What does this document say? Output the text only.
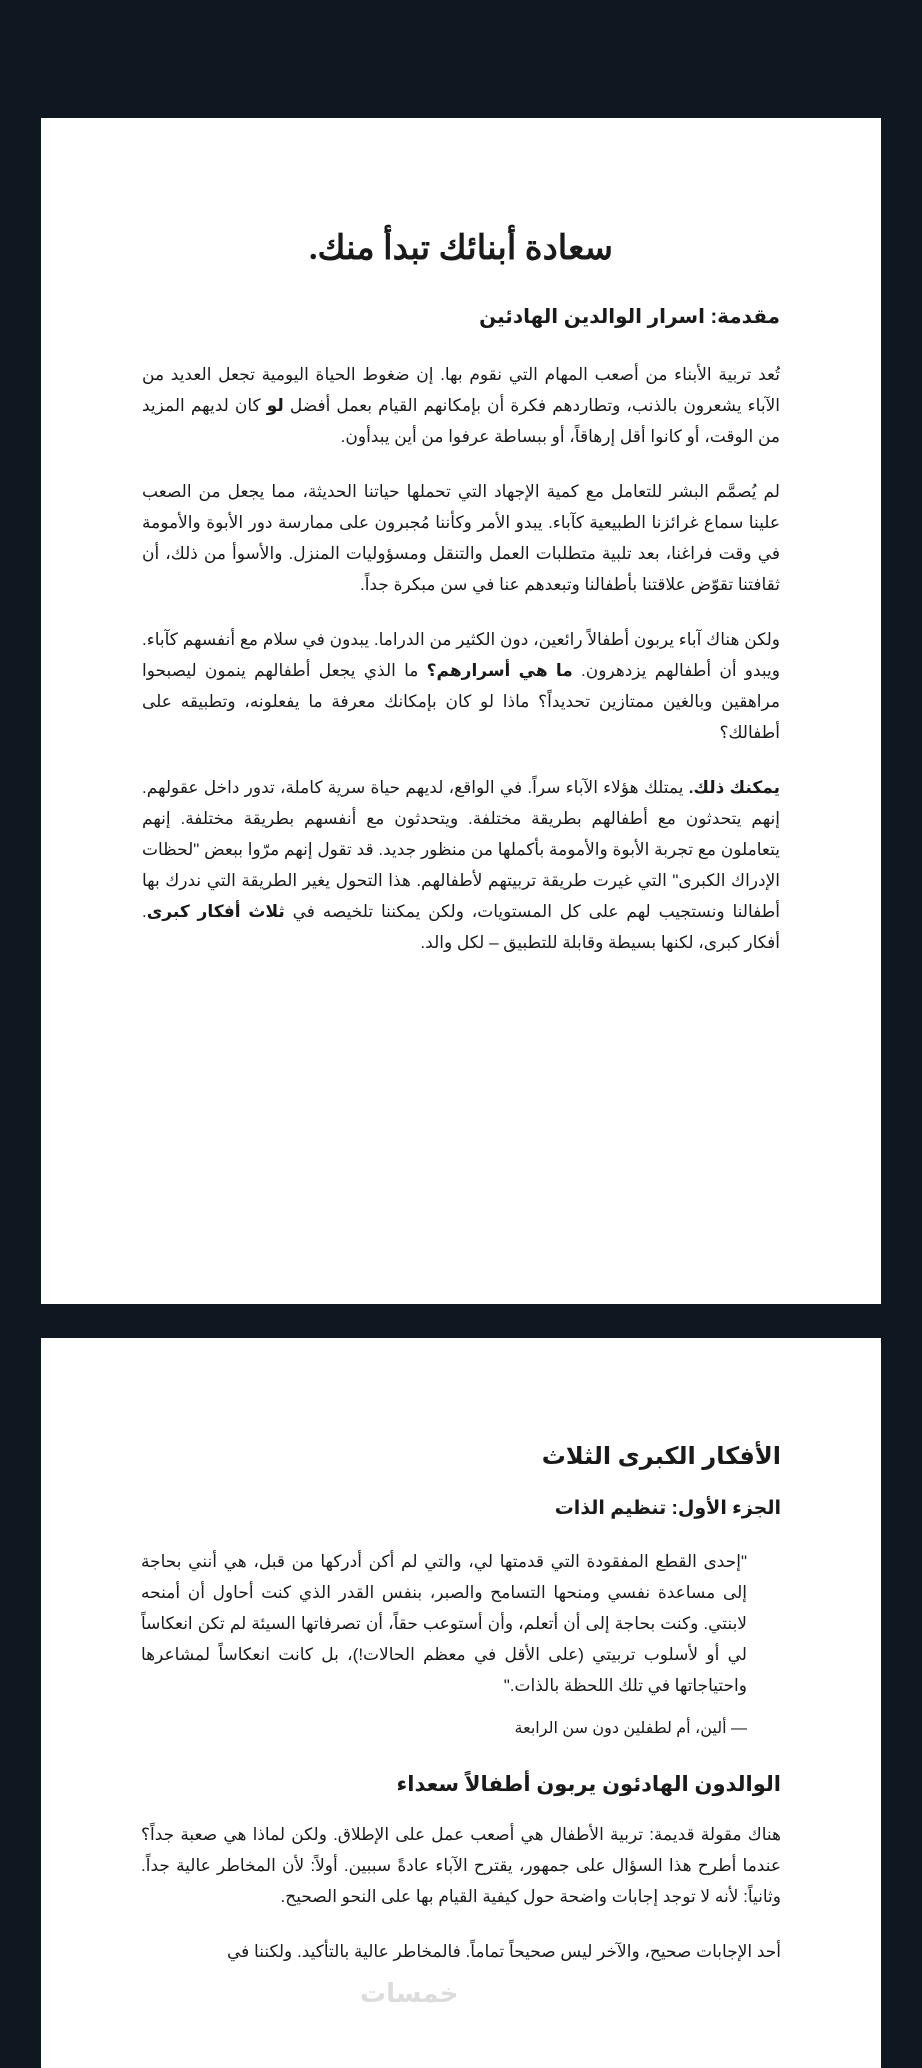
سعادة أبنائك تبدأ منك.
مقدمة: اسرار الوالدين الهادئين

تُعد تربية الأبناء من أصعب المهام التي نقوم بها. إن ضغوط الحياة اليومية تجعل العديد من الآباء يشعرون بالذنب، وتطاردهم فكرة أن بإمكانهم القيام بعمل أفضل لو كان لديهم المزيد من الوقت، أو كانوا أقل إرهاقاً، أو ببساطة عرفوا من أين يبدأون.

لم يُصمَّم البشر للتعامل مع كمية الإجهاد التي تحملها حياتنا الحديثة، مما يجعل من الصعب علينا سماع غرائزنا الطبيعية كآباء. يبدو الأمر وكأننا مُجبرون على ممارسة دور الأبوة والأمومة في وقت فراغنا، بعد تلبية متطلبات العمل والتنقل ومسؤوليات المنزل. والأسوأ من ذلك، أن ثقافتنا تقوّض علاقتنا بأطفالنا وتبعدهم عنا في سن مبكرة جداً.

ولكن هناك آباء يربون أطفالاً رائعين، دون الكثير من الدراما. يبدون في سلام مع أنفسهم كآباء. ويبدو أن أطفالهم يزدهرون. ما هي أسرارهم؟ ما الذي يجعل أطفالهم ينمون ليصبحوا مراهقين وبالغين ممتازين تحديداً؟ ماذا لو كان بإمكانك معرفة ما يفعلونه، وتطبيقه على أطفالك؟

يمكنك ذلك. يمتلك هؤلاء الآباء سراً. في الواقع، لديهم حياة سرية كاملة، تدور داخل عقولهم. إنهم يتحدثون مع أطفالهم بطريقة مختلفة. ويتحدثون مع أنفسهم بطريقة مختلفة. إنهم يتعاملون مع تجربة الأبوة والأمومة بأكملها من منظور جديد. قد تقول إنهم مرّوا ببعض "لحظات الإدراك الكبرى" التي غيرت طريقة تربيتهم لأطفالهم. هذا التحول يغير الطريقة التي ندرك بها أطفالنا ونستجيب لهم على كل المستويات، ولكن يمكننا تلخيصه في ثلاث أفكار كبرى. أفكار كبرى، لكنها بسيطة وقابلة للتطبيق – لكل والد.

الأفكار الكبرى الثلاث
الجزء الأول: تنظيم الذات

"إحدى القطع المفقودة التي قدمتها لي، والتي لم أكن أدركها من قبل، هي أنني بحاجة إلى مساعدة نفسي ومنحها التسامح والصبر، بنفس القدر الذي كنت أحاول أن أمنحه لابنتي. وكنت بحاجة إلى أن أتعلم، وأن أستوعب حقاً، أن تصرفاتها السيئة لم تكن انعكاساً لي أو لأسلوب تربيتي (على الأقل في معظم الحالات!)، بل كانت انعكاساً لمشاعرها واحتياجاتها في تلك اللحظة بالذات."

— ألين، أم لطفلين دون سن الرابعة

الوالدون الهادئون يربون أطفالاً سعداء

هناك مقولة قديمة: تربية الأطفال هي أصعب عمل على الإطلاق. ولكن لماذا هي صعبة جداً؟ عندما أطرح هذا السؤال على جمهور، يقترح الآباء عادةً سببين. أولاً: لأن المخاطر عالية جداً. وثانياً: لأنه لا توجد إجابات واضحة حول كيفية القيام بها على النحو الصحيح.

أحد الإجابات صحيح، والآخر ليس صحيحاً تماماً. فالمخاطر عالية بالتأكيد. ولكننا في

خمسات
